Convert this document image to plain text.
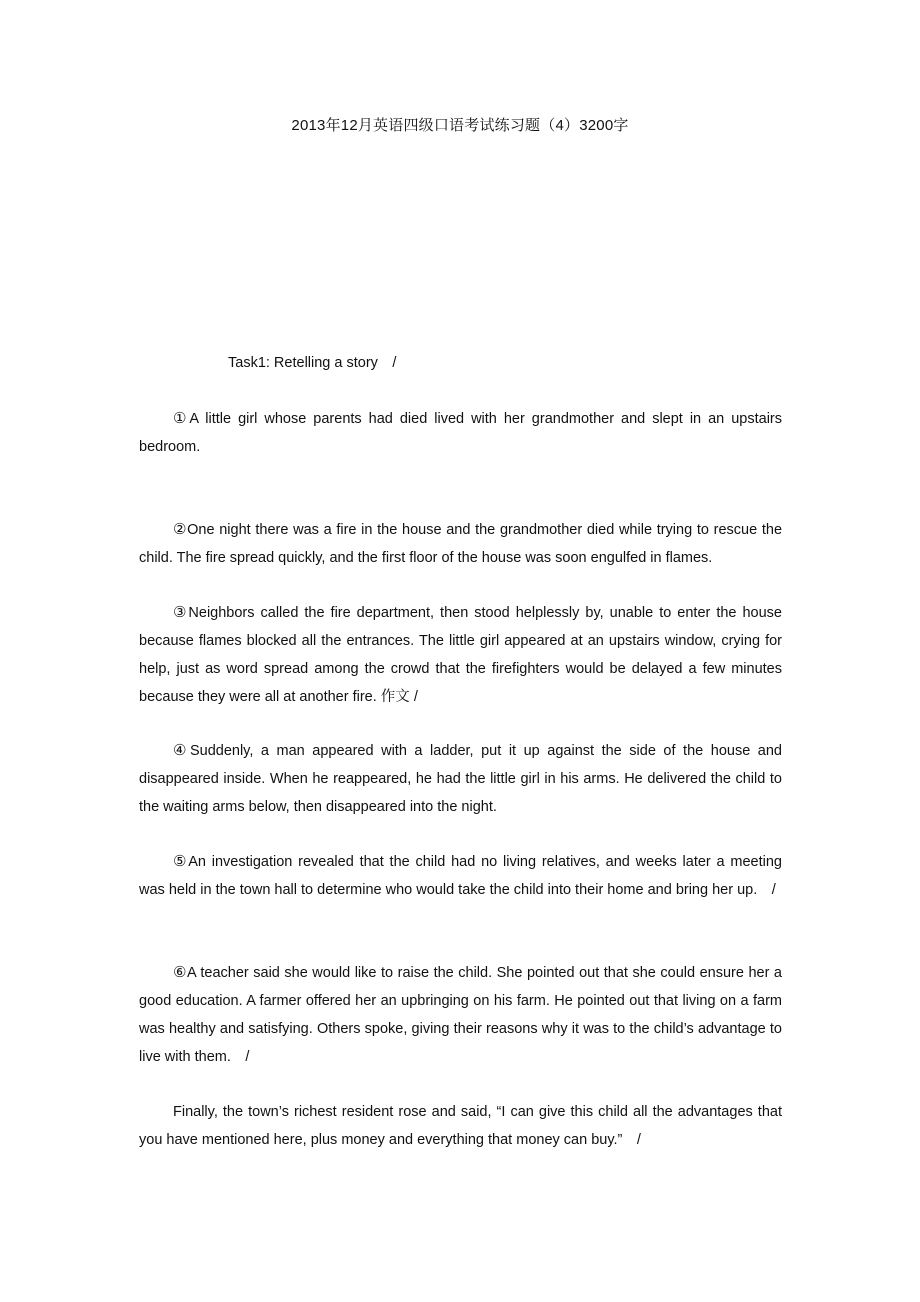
2013年12月英语四级口语考试练习题（4）3200字
Task1: Retelling a story　/

①A little girl whose parents had died lived with her grandmother and slept in an upstairs bedroom.

②One night there was a fire in the house and the grandmother died while trying to rescue the child. The fire spread quickly, and the first floor of the house was soon engulfed in flames.

③Neighbors called the fire department, then stood helplessly by, unable to enter the house because flames blocked all the entrances. The little girl appeared at an upstairs window, crying for help, just as word spread among the crowd that the firefighters would be delayed a few minutes because they were all at another fire. 作文 /

④Suddenly, a man appeared with a ladder, put it up against the side of the house and disappeared inside. When he reappeared, he had the little girl in his arms. He delivered the child to the waiting arms below, then disappeared into the night.

⑤An investigation revealed that the child had no living relatives, and weeks later a meeting was held in the town hall to determine who would take the child into their home and bring her up.　/

⑥A teacher said she would like to raise the child. She pointed out that she could ensure her a good education. A farmer offered her an upbringing on his farm. He pointed out that living on a farm was healthy and satisfying. Others spoke, giving their reasons why it was to the child’s advantage to live with them.　/

Finally, the town’s richest resident rose and said, “I can give this child all the advantages that you have mentioned here, plus money and everything that money can buy.”　/
